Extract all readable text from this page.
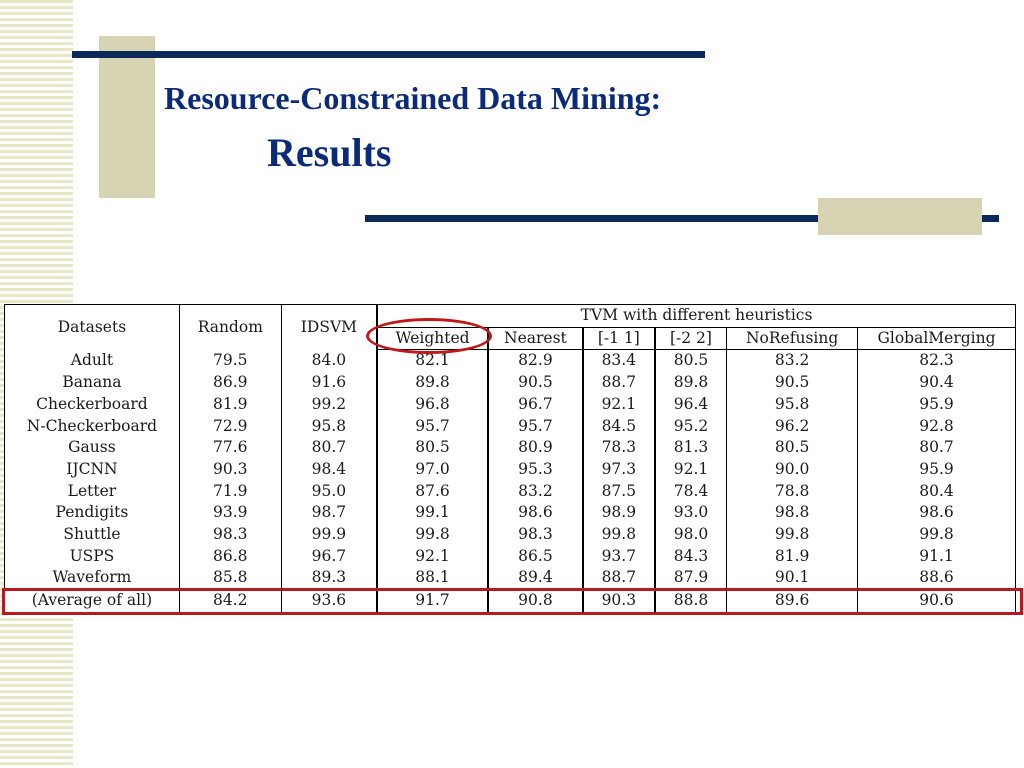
Resource-Constrained Data Mining:
Results
Datasets	Random	IDSVM	TVM with different heuristics					
			Weighted	Nearest	[-1 1]	[-2 2]	NoRefusing	GlobalMerging
Adult	79.5	84.0	82.1	82.9	83.4	80.5	83.2	82.3
Banana	86.9	91.6	89.8	90.5	88.7	89.8	90.5	90.4
Checkerboard	81.9	99.2	96.8	96.7	92.1	96.4	95.8	95.9
N-Checkerboard	72.9	95.8	95.7	95.7	84.5	95.2	96.2	92.8
Gauss	77.6	80.7	80.5	80.9	78.3	81.3	80.5	80.7
IJCNN	90.3	98.4	97.0	95.3	97.3	92.1	90.0	95.9
Letter	71.9	95.0	87.6	83.2	87.5	78.4	78.8	80.4
Pendigits	93.9	98.7	99.1	98.6	98.9	93.0	98.8	98.6
Shuttle	98.3	99.9	99.8	98.3	99.8	98.0	99.8	99.8
USPS	86.8	96.7	92.1	86.5	93.7	84.3	81.9	91.1
Waveform	85.8	89.3	88.1	89.4	88.7	87.9	90.1	88.6
(Average of all)	84.2	93.6	91.7	90.8	90.3	88.8	89.6	90.6
